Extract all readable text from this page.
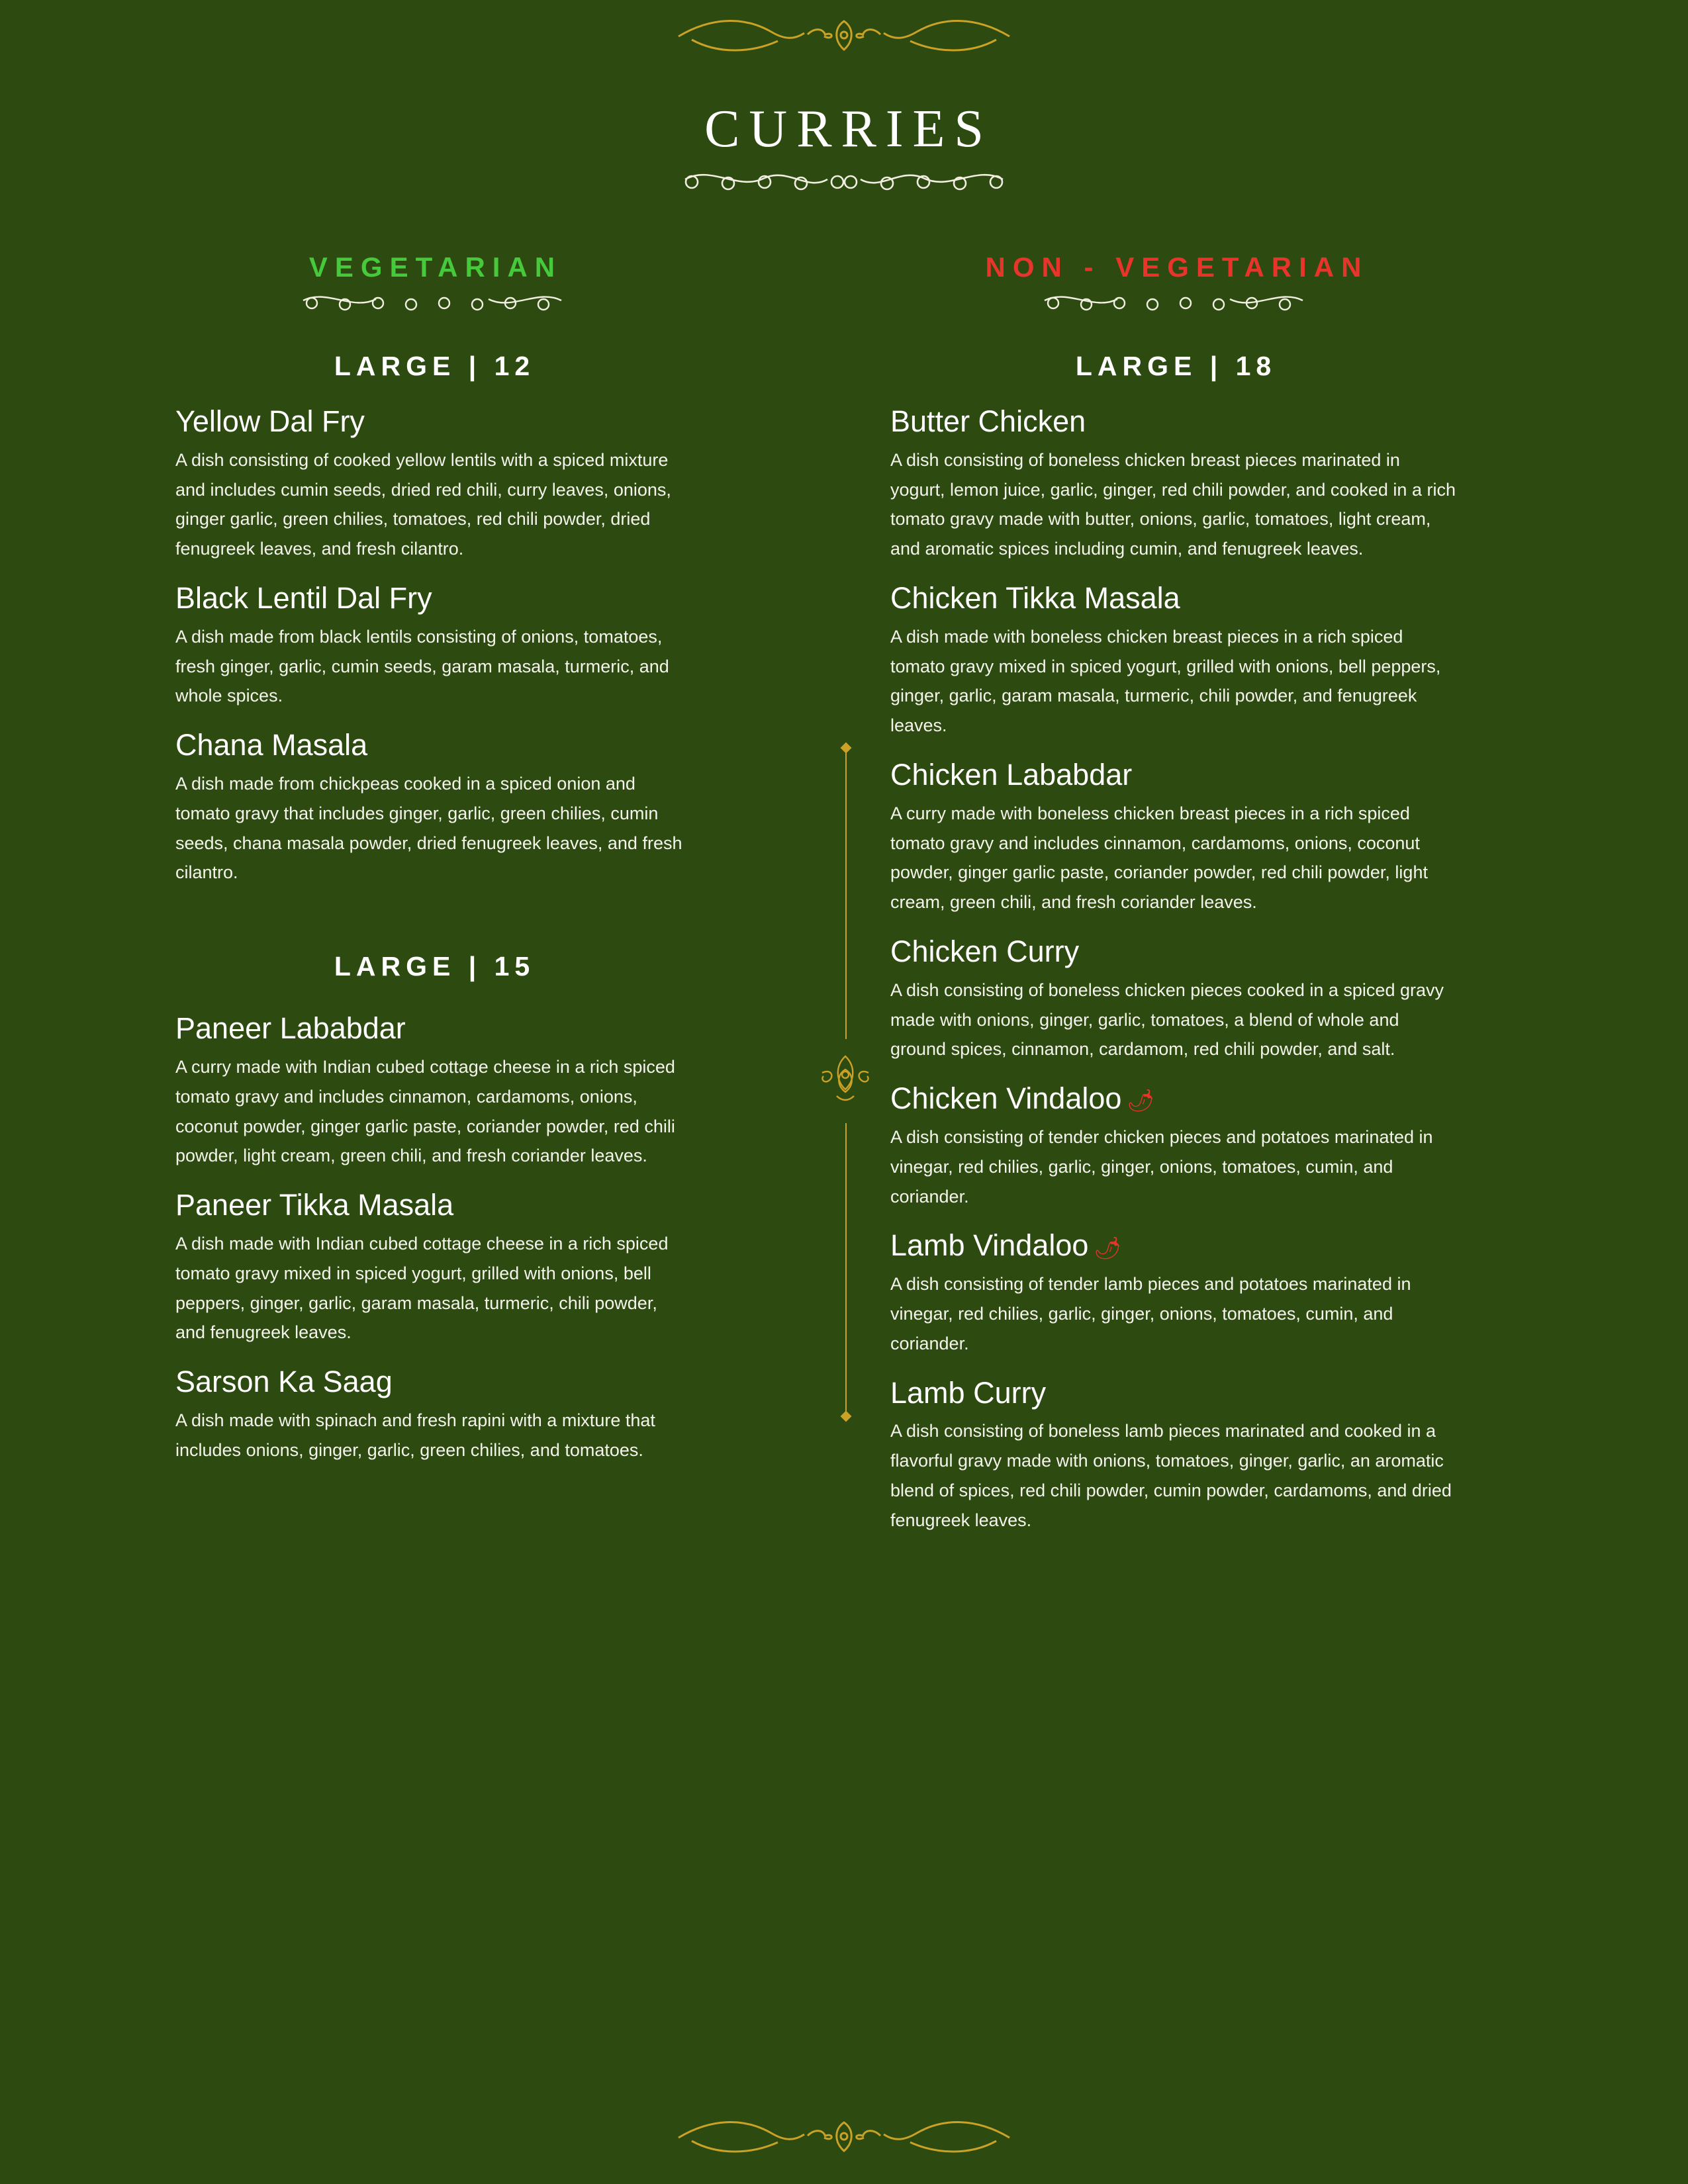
CURRIES
VEGETARIAN
LARGE | 12
Yellow Dal Fry

A dish consisting of cooked yellow lentils with a spiced mixture and includes cumin seeds, dried red chili, curry leaves, onions, ginger garlic, green chilies, tomatoes, red chili powder, dried fenugreek leaves, and fresh cilantro.

Black Lentil Dal Fry

A dish made from black lentils consisting of onions, tomatoes, fresh ginger, garlic, cumin seeds, garam masala, turmeric, and whole spices.

Chana Masala

A dish made from chickpeas cooked in a spiced onion and tomato gravy that includes ginger, garlic, green chilies, cumin seeds, chana masala powder, dried fenugreek leaves, and fresh cilantro.

LARGE | 15
Paneer Lababdar

A curry made with Indian cubed cottage cheese in a rich spiced tomato gravy and includes cinnamon, cardamoms, onions, coconut powder, ginger garlic paste, coriander powder, red chili powder, light cream, green chili, and fresh coriander leaves.

Paneer Tikka Masala

A dish made with Indian cubed cottage cheese in a rich spiced tomato gravy mixed in spiced yogurt, grilled with onions, bell peppers, ginger, garlic, garam masala, turmeric, chili powder, and fenugreek leaves.

Sarson Ka Saag

A dish made with spinach and fresh rapini with a mixture that includes onions, ginger, garlic, green chilies, and tomatoes.

NON - VEGETARIAN
LARGE | 18
Butter Chicken

A dish consisting of boneless chicken breast pieces marinated in yogurt, lemon juice, garlic, ginger, red chili powder, and cooked in a rich tomato gravy made with butter, onions, garlic, tomatoes, light cream, and aromatic spices including cumin, and fenugreek leaves.

Chicken Tikka Masala

A dish made with boneless chicken breast pieces in a rich spiced tomato gravy mixed in spiced yogurt, grilled with onions, bell peppers, ginger, garlic, garam masala, turmeric, chili powder, and fenugreek leaves.

Chicken Lababdar

A curry made with boneless chicken breast pieces in a rich spiced tomato gravy and includes cinnamon, cardamoms, onions, coconut powder, ginger garlic paste, coriander powder, red chili powder, light cream, green chili, and fresh coriander leaves.

Chicken Curry

A dish consisting of boneless chicken pieces cooked in a spiced gravy made with onions, ginger, garlic, tomatoes, a blend of whole and ground spices, cinnamon, cardamom, red chili powder, and salt.

Chicken Vindaloo 🌶

A dish consisting of tender chicken pieces and potatoes marinated in vinegar, red chilies, garlic, ginger, onions, tomatoes, cumin, and coriander.

Lamb Vindaloo 🌶

A dish consisting of tender lamb pieces and potatoes marinated in vinegar, red chilies, garlic, ginger, onions, tomatoes, cumin, and coriander.

Lamb Curry

A dish consisting of boneless lamb pieces marinated and cooked in a flavorful gravy made with onions, tomatoes, ginger, garlic, an aromatic blend of spices, red chili powder, cumin powder, cardamoms, and dried fenugreek leaves.
